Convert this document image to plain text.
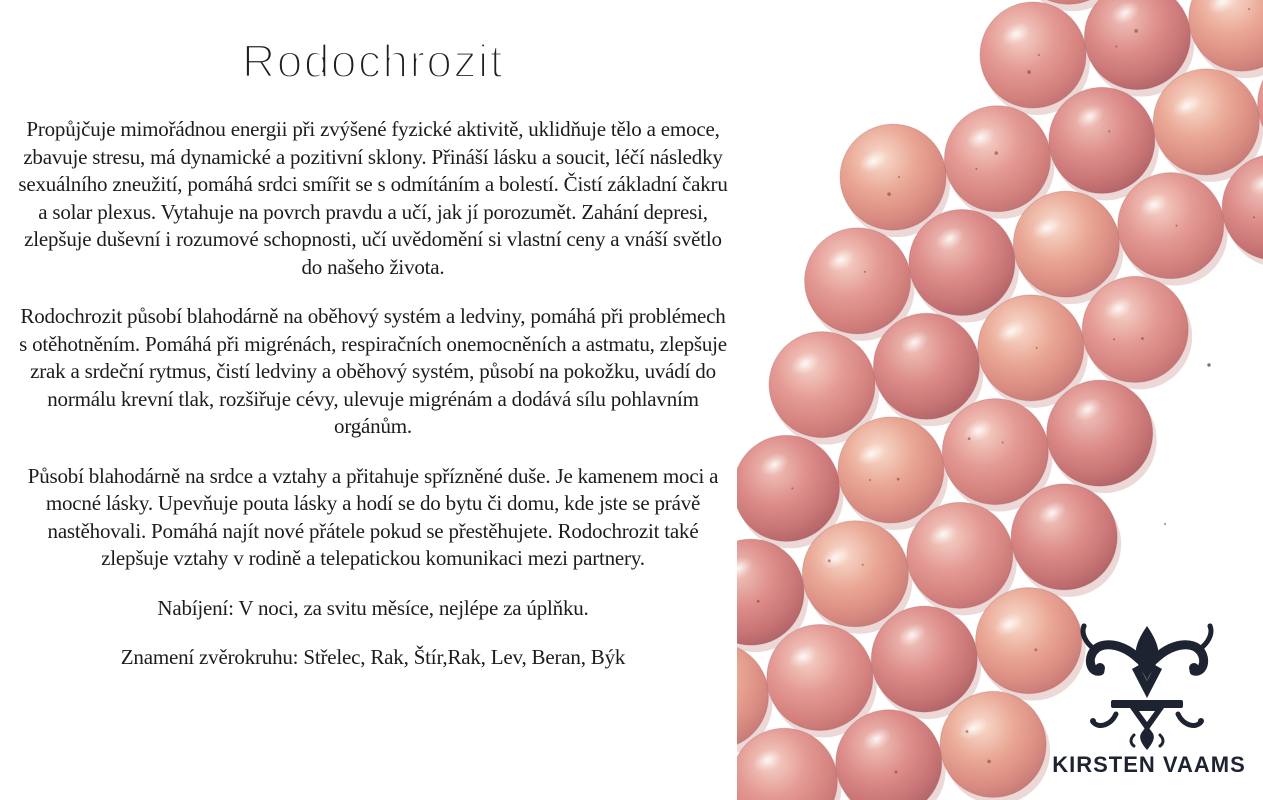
Rodochrozit

Propůjčuje mimořádnou energii při zvýšené fyzické aktivitě, uklidňuje tělo a emoce, zbavuje stresu, má dynamické a pozitivní sklony. Přináší lásku a soucit, léčí následky sexuálního zneužití, pomáhá srdci smířit se s odmítáním a bolestí. Čistí základní čakru a solar plexus. Vytahuje na povrch pravdu a učí, jak jí porozumět. Zahání depresi, zlepšuje duševní i rozumové schopnosti, učí uvědomění si vlastní ceny a vnáší světlo do našeho života.

Rodochrozit působí blahodárně na oběhový systém a ledviny, pomáhá při problémech s otěhotněním. Pomáhá při migrénách, respiračních onemocněních a astmatu, zlepšuje zrak a srdeční rytmus, čistí ledviny a oběhový systém, působí na pokožku, uvádí do normálu krevní tlak, rozšiřuje cévy, ulevuje migrénám a dodává sílu pohlavním orgánům.

Působí blahodárně na srdce a vztahy a přitahuje spřízněné duše. Je kamenem moci a mocné lásky. Upevňuje pouta lásky a hodí se do bytu či domu, kde jste se právě nastěhovali. Pomáhá najít nové přátele pokud se přestěhujete. Rodochrozit také zlepšuje vztahy v rodině a telepatickou komunikaci mezi partnery.

Nabíjení: V noci, za svitu měsíce, nejlépe za úplňku.

Znamení zvěrokruhu: Střelec, Rak, Štír,Rak, Lev, Beran, Býk

KIRSTEN VAAMS
